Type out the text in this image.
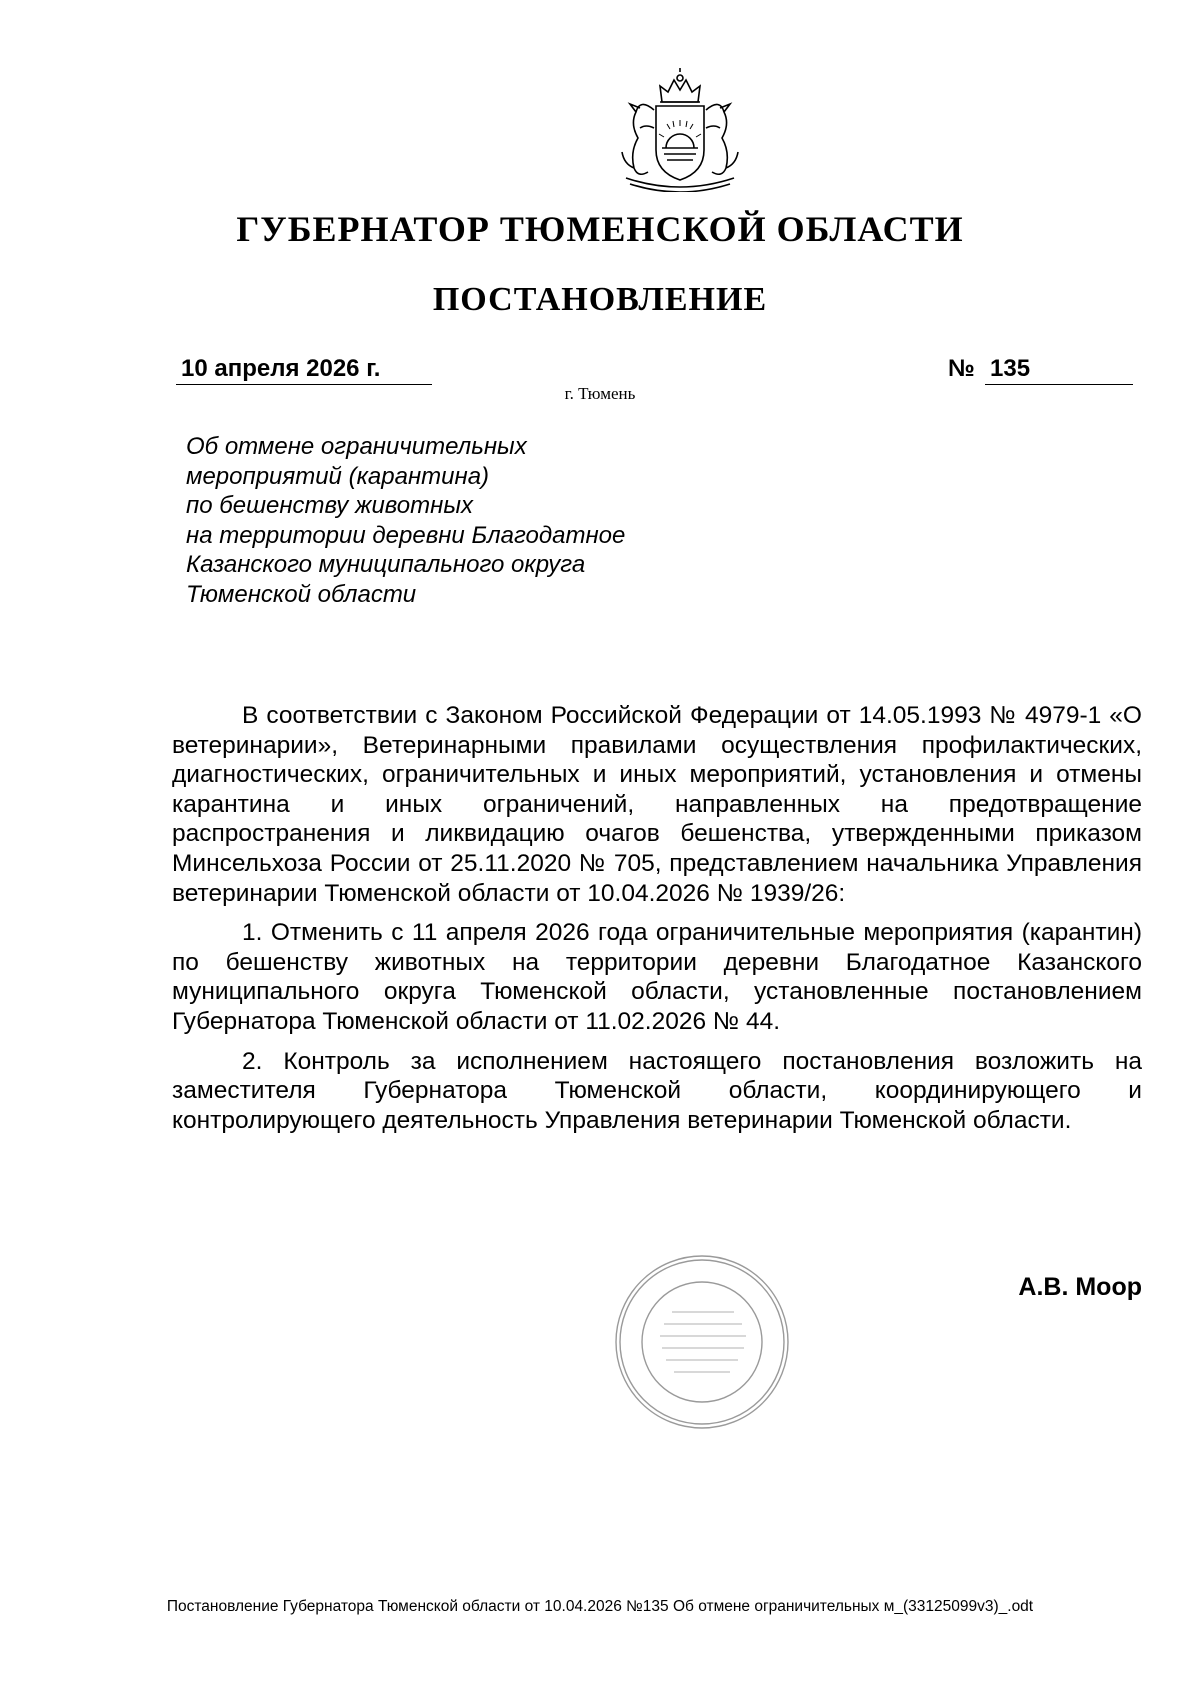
ГУБЕРНАТОР ТЮМЕНСКОЙ ОБЛАСТИ
ПОСТАНОВЛЕНИЕ
10 апреля 2026 г.	№ 135
г. Тюмень
Об отмене ограничительных
мероприятий (карантина)
по бешенству животных
на территории деревни Благодатное
Казанского муниципального округа
Тюменской области

В соответствии с Законом Российской Федерации от 14.05.1993 № 4979-1 «О ветеринарии», Ветеринарными правилами осуществления профилактических, диагностических, ограничительных и иных мероприятий, установления и отмены карантина и иных ограничений, направленных на предотвращение распространения и ликвидацию очагов бешенства, утвержденными приказом Минсельхоза России от 25.11.2020 № 705, представлением начальника Управления ветеринарии Тюменской области от 10.04.2026 № 1939/26:

1. Отменить с 11 апреля 2026 года ограничительные мероприятия (карантин) по бешенству животных на территории деревни Благодатное Казанского муниципального округа Тюменской области, установленные постановлением Губернатора Тюменской области от 11.02.2026 № 44.

2. Контроль за исполнением настоящего постановления возложить на заместителя Губернатора Тюменской области, координирующего и контролирующего деятельность Управления ветеринарии Тюменской области.

А.В. Моор
Постановление Губернатора Тюменской области от 10.04.2026 №135 Об отмене ограничительных м_(33125099v3)_.odt
